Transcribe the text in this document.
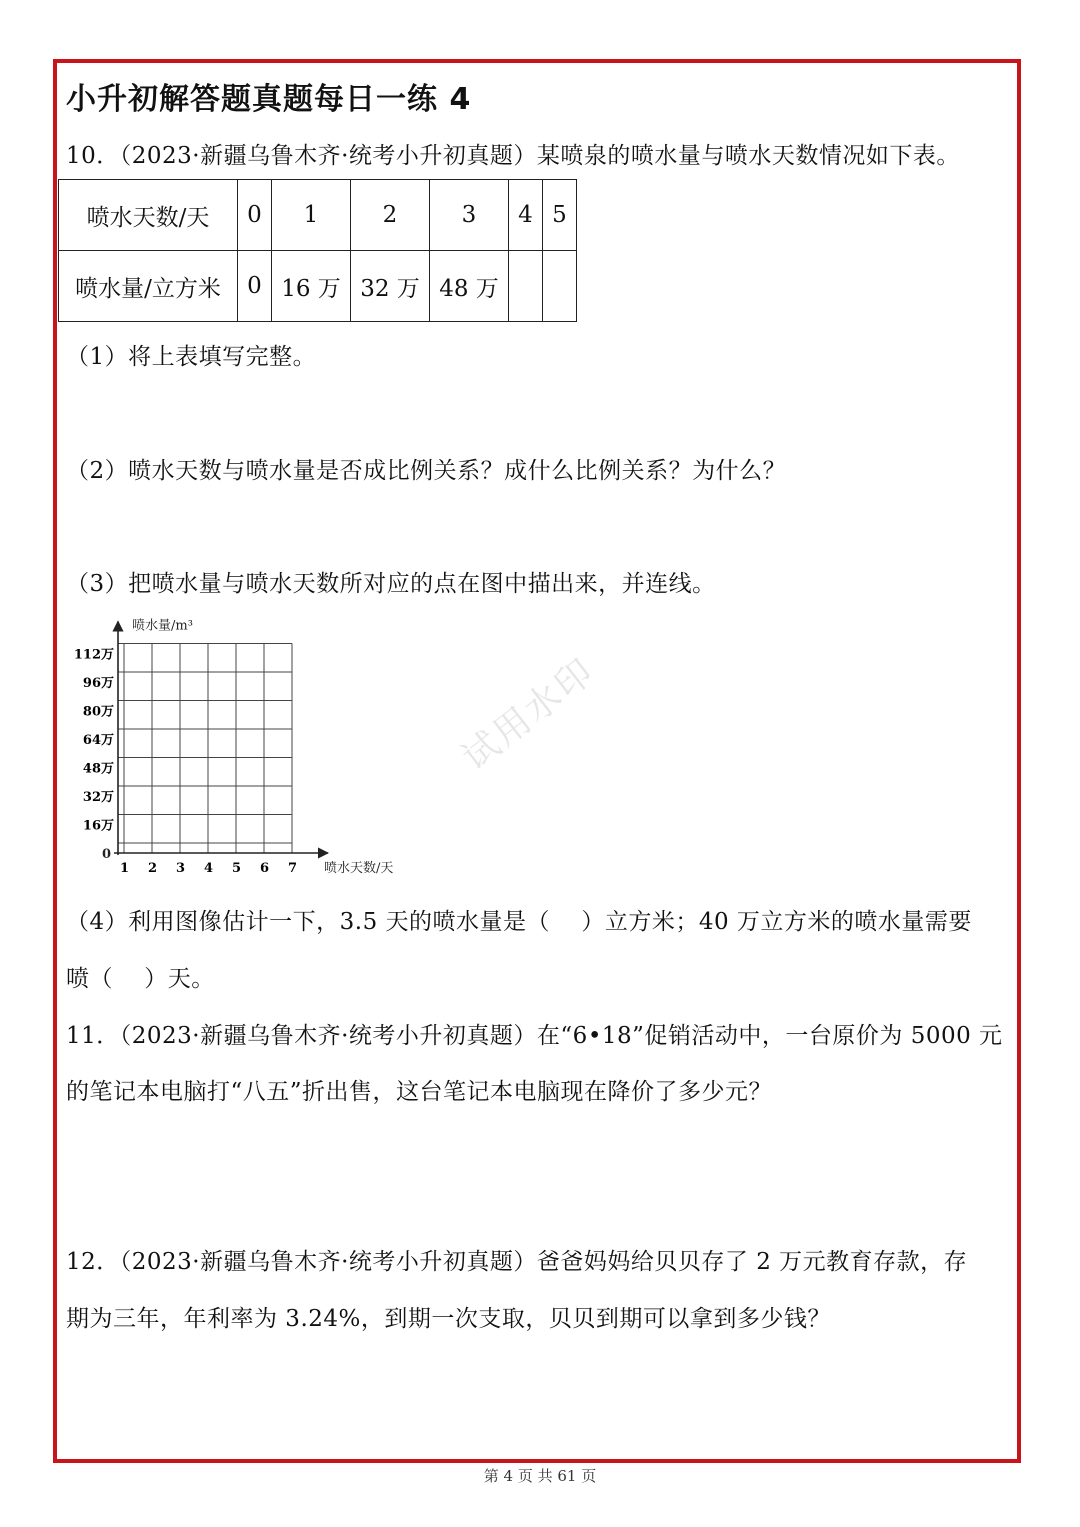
小升初解答题真题每日一练 4
10．（2023·新疆乌鲁木齐·统考小升初真题）某喷泉的喷水量与喷水天数情况如下表。
喷水天数/天	0	1	2	3	4	5
喷水量/立方米	0	16 万	32 万	48 万		
（1）将上表填写完整。
（2）喷水天数与喷水量是否成比例关系？成什么比例关系？为什么？
（3）把喷水量与喷水天数所对应的点在图中描出来，并连线。
1 2 3 4 5 6 7
16万
32万
48万
64万
80万
96万
112万
喷水量/m³
喷水天数/天
0
试用水印
（4）利用图像估计一下，3.5 天的喷水量是（　 ）立方米；40 万立方米的喷水量需要
喷（　 ）天。
11．（2023·新疆乌鲁木齐·统考小升初真题）在“6•18”促销活动中，一台原价为 5000 元
的笔记本电脑打“八五”折出售，这台笔记本电脑现在降价了多少元？
12．（2023·新疆乌鲁木齐·统考小升初真题）爸爸妈妈给贝贝存了 2 万元教育存款，存
期为三年，年利率为 3.24%，到期一次支取，贝贝到期可以拿到多少钱？
第 4 页 共 61 页
